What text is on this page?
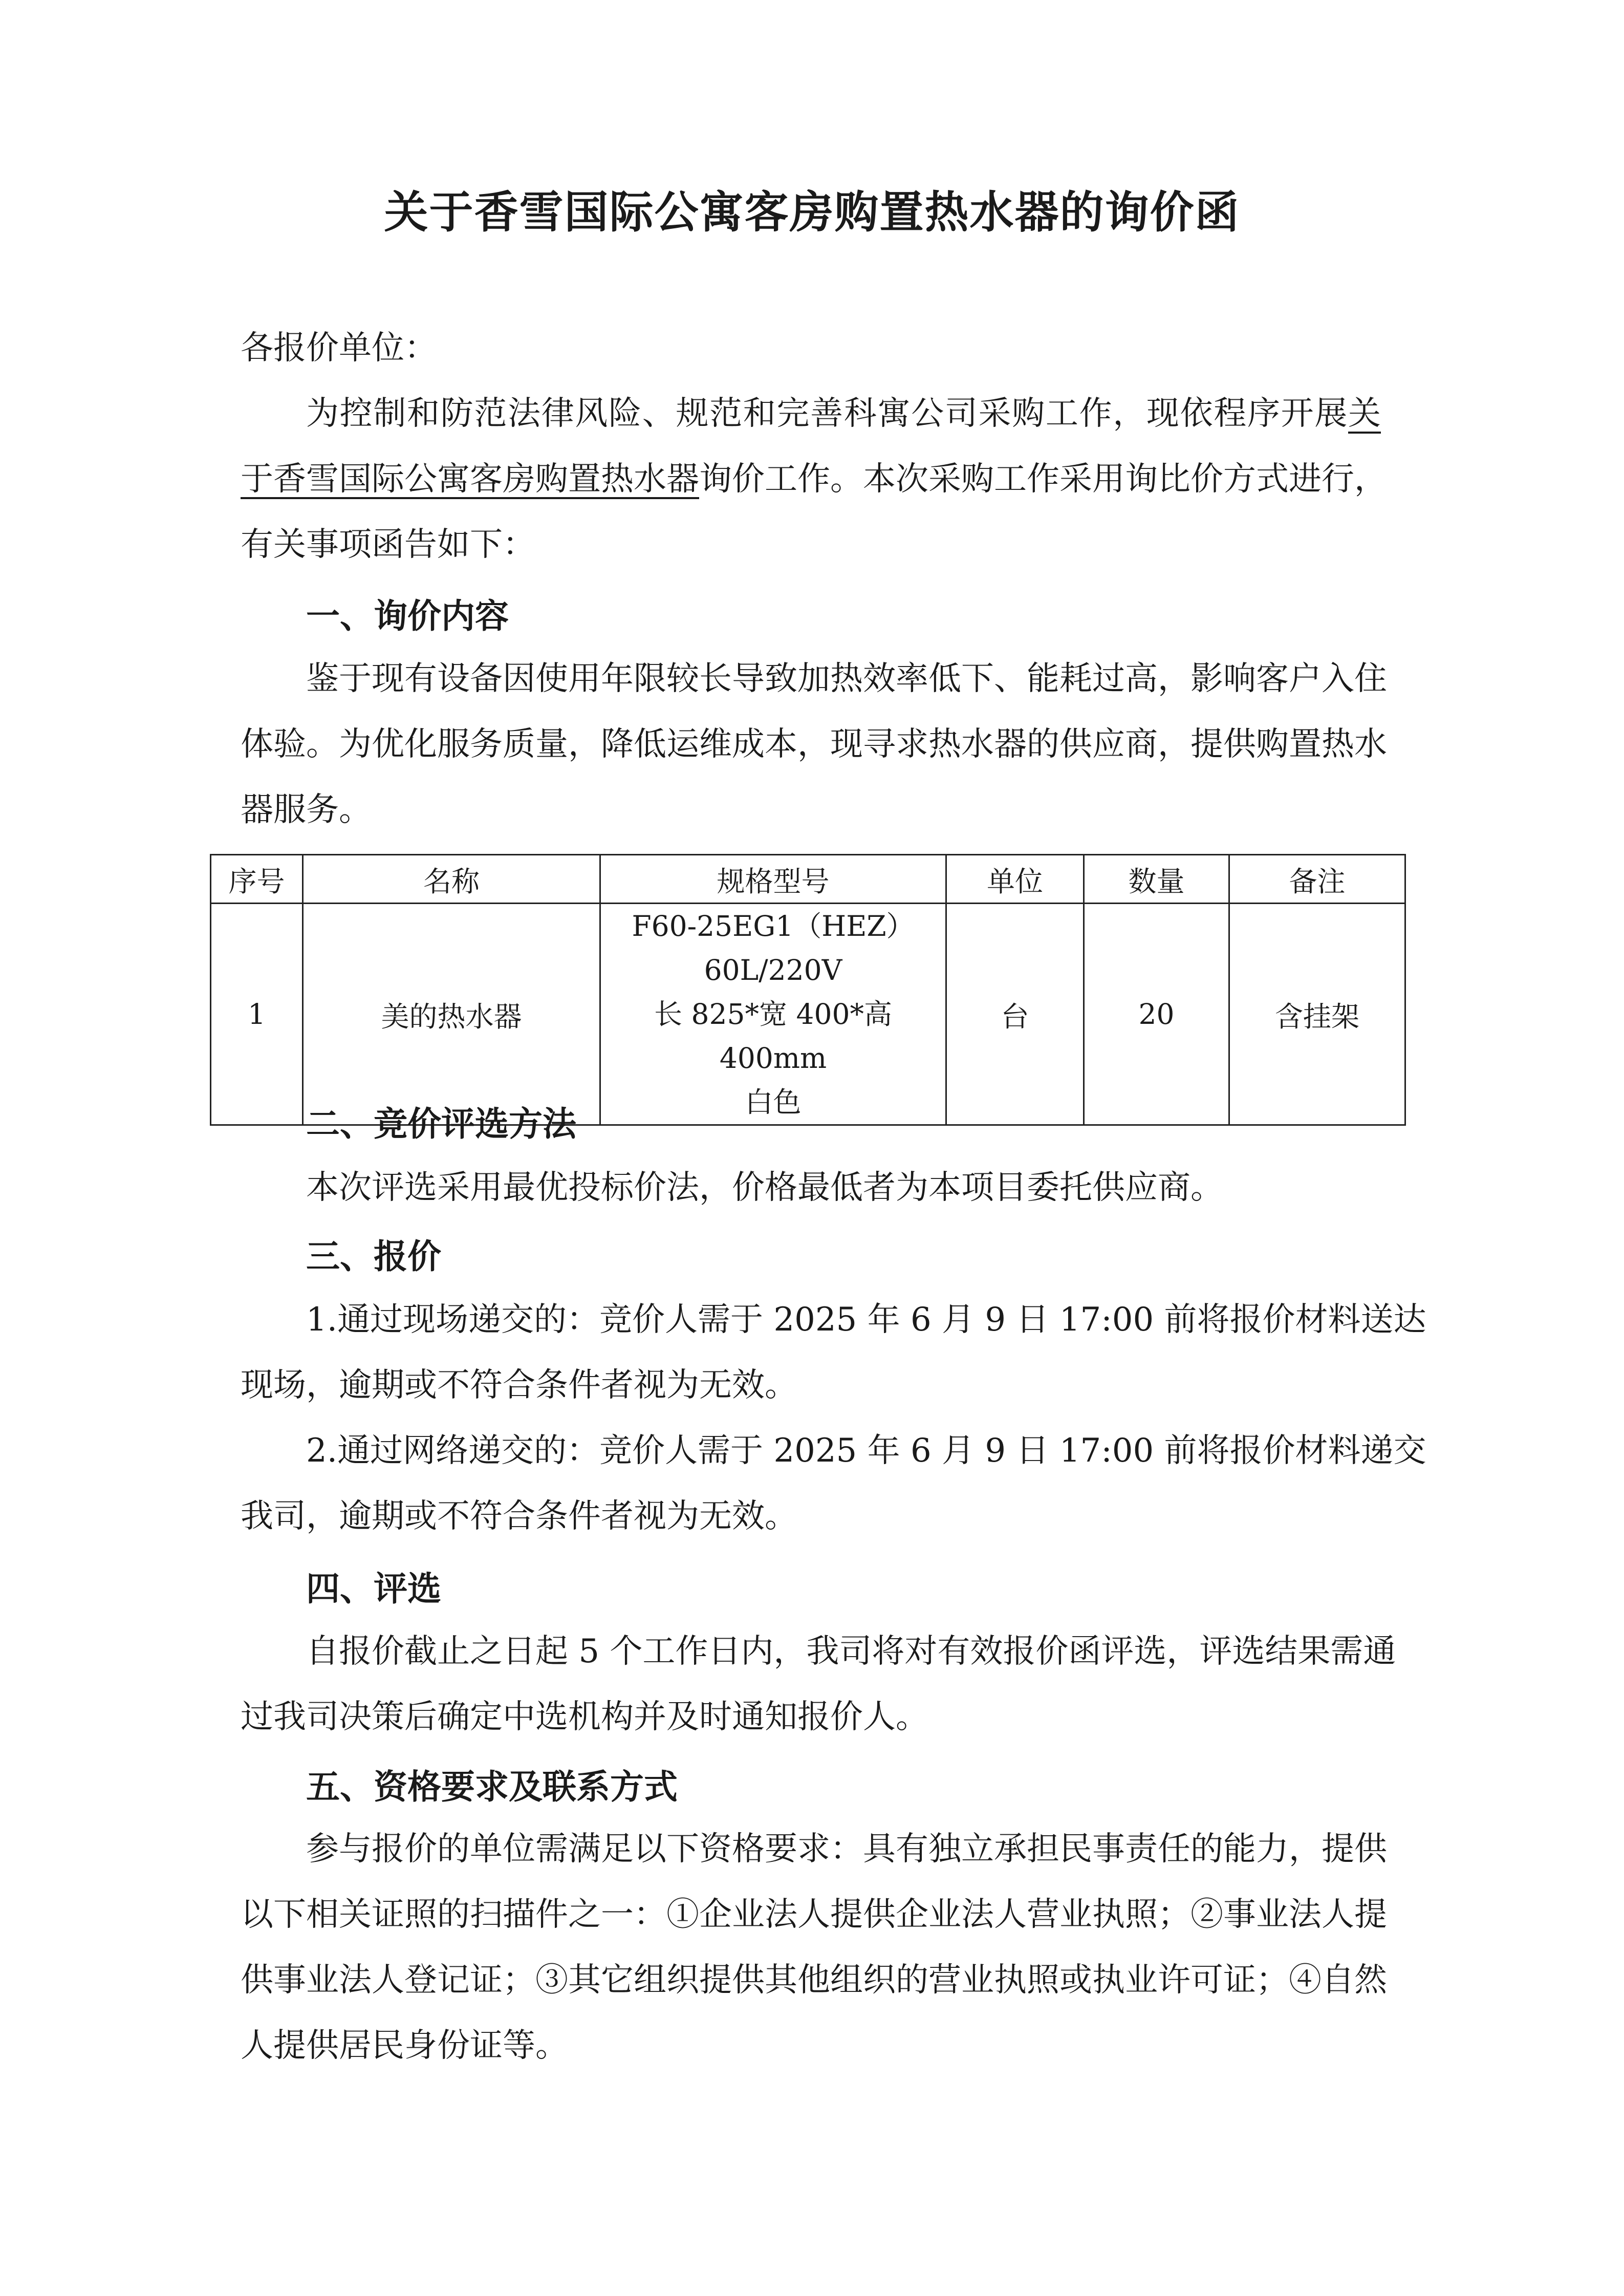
关于香雪国际公寓客房购置热水器的询价函
各报价单位：
为控制和防范法律风险、规范和完善科寓公司采购工作，现依程序开展关
于香雪国际公寓客房购置热水器询价工作。本次采购工作采用询比价方式进行，
有关事项函告如下：
一、询价内容
鉴于现有设备因使用年限较长导致加热效率低下、能耗过高，影响客户入住
体验。为优化服务质量，降低运维成本，现寻求热水器的供应商，提供购置热水
器服务。
序号	名称	规格型号	单位	数量	备注
1	美的热水器	F60-25EG1（HEZ）
60L/220V
长 825*宽 400*高 400mm
白色	台	20	含挂架
二、竞价评选方法
本次评选采用最优投标价法，价格最低者为本项目委托供应商。
三、报价
1.通过现场递交的：竞价人需于 2025 年 6 月 9 日 17:00 前将报价材料送达
现场，逾期或不符合条件者视为无效。
2.通过网络递交的：竞价人需于 2025 年 6 月 9 日 17:00 前将报价材料递交
我司，逾期或不符合条件者视为无效。
四、评选
自报价截止之日起 5 个工作日内，我司将对有效报价函评选，评选结果需通
过我司决策后确定中选机构并及时通知报价人。
五、资格要求及联系方式
参与报价的单位需满足以下资格要求：具有独立承担民事责任的能力，提供
以下相关证照的扫描件之一：①企业法人提供企业法人营业执照；②事业法人提
供事业法人登记证；③其它组织提供其他组织的营业执照或执业许可证；④自然
人提供居民身份证等。
